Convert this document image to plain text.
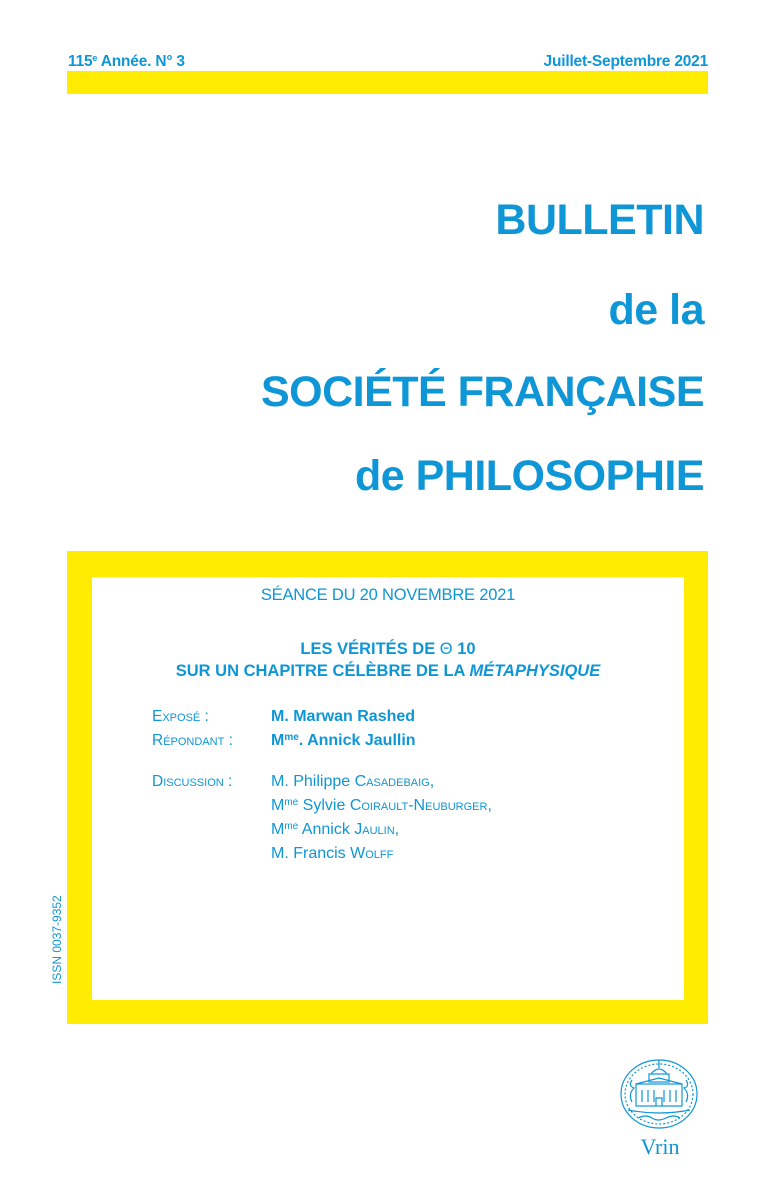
115e Année. N° 3	Juillet-Septembre 2021
BULLETIN
de la
SOCIÉTÉ FRANÇAISE
de PHILOSOPHIE
SÉANCE DU 20 NOVEMBRE 2021
LES VÉRITÉS DE Θ 10
SUR UN CHAPITRE CÉLÈBRE DE LA MÉTAPHYSIQUE
Exposé :	M. Marwan Rashed
Répondant : $M^{me}$. Annick Jaullin
Discussion : M. Philippe Casadebaig,
$M^{me}$ Sylvie Coirault-Neuburger,
$M^{me}$ Annick Jaulin,
M. Francis Wolff
ISSN 0037-9352
Vrin
